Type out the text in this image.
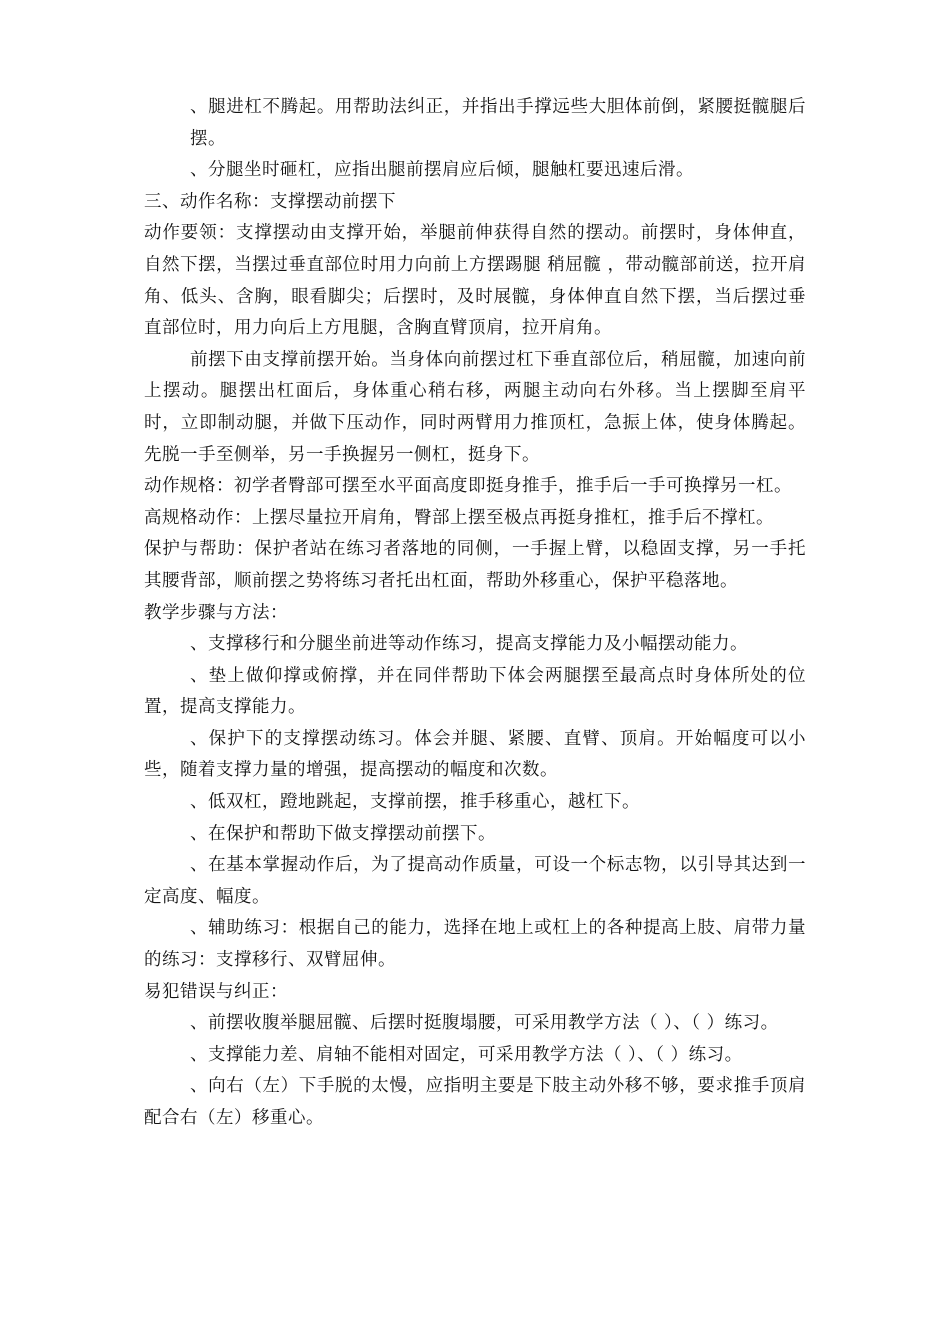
、腿进杠不腾起。用帮助法纠正，并指出手撑远些大胆体前倒，紧腰挺髋腿后摆。

、分腿坐时砸杠，应指出腿前摆肩应后倾，腿触杠要迅速后滑。

三、动作名称：支撑摆动前摆下

动作要领：支撑摆动由支撑开始，举腿前伸获得自然的摆动。前摆时，身体伸直，自然下摆，当摆过垂直部位时用力向前上方摆踢腿 稍屈髋 ，带动髋部前送，拉开肩角、低头、含胸，眼看脚尖；后摆时，及时展髋，身体伸直自然下摆，当后摆过垂直部位时，用力向后上方甩腿，含胸直臂顶肩，拉开肩角。

前摆下由支撑前摆开始。当身体向前摆过杠下垂直部位后，稍屈髋，加速向前上摆动。腿摆出杠面后，身体重心稍右移，两腿主动向右外移。当上摆脚至肩平时，立即制动腿，并做下压动作，同时两臂用力推顶杠，急振上体，使身体腾起。先脱一手至侧举，另一手换握另一侧杠，挺身下。

动作规格：初学者臀部可摆至水平面高度即挺身推手，推手后一手可换撑另一杠。

高规格动作：上摆尽量拉开肩角，臀部上摆至极点再挺身推杠，推手后不撑杠。

保护与帮助：保护者站在练习者落地的同侧，一手握上臂，以稳固支撑，另一手托其腰背部，顺前摆之势将练习者托出杠面，帮助外移重心，保护平稳落地。

教学步骤与方法：

、支撑移行和分腿坐前进等动作练习，提高支撑能力及小幅摆动能力。

、垫上做仰撑或俯撑，并在同伴帮助下体会两腿摆至最高点时身体所处的位置，提高支撑能力。

、保护下的支撑摆动练习。体会并腿、紧腰、直臂、顶肩。开始幅度可以小些，随着支撑力量的增强，提高摆动的幅度和次数。

、低双杠，蹬地跳起，支撑前摆，推手移重心，越杠下。

、在保护和帮助下做支撑摆动前摆下。

、在基本掌握动作后，为了提高动作质量，可设一个标志物，以引导其达到一定高度、幅度。

、辅助练习：根据自己的能力，选择在地上或杠上的各种提高上肢、肩带力量的练习：支撑移行、双臂屈伸。

易犯错误与纠正：

、前摆收腹举腿屈髋、后摆时挺腹塌腰，可采用教学方法（ ）、（ ）练习。

、支撑能力差、肩轴不能相对固定，可采用教学方法（ ）、（ ）练习。

、向右（左）下手脱的太慢，应指明主要是下肢主动外移不够，要求推手顶肩配合右（左）移重心。
